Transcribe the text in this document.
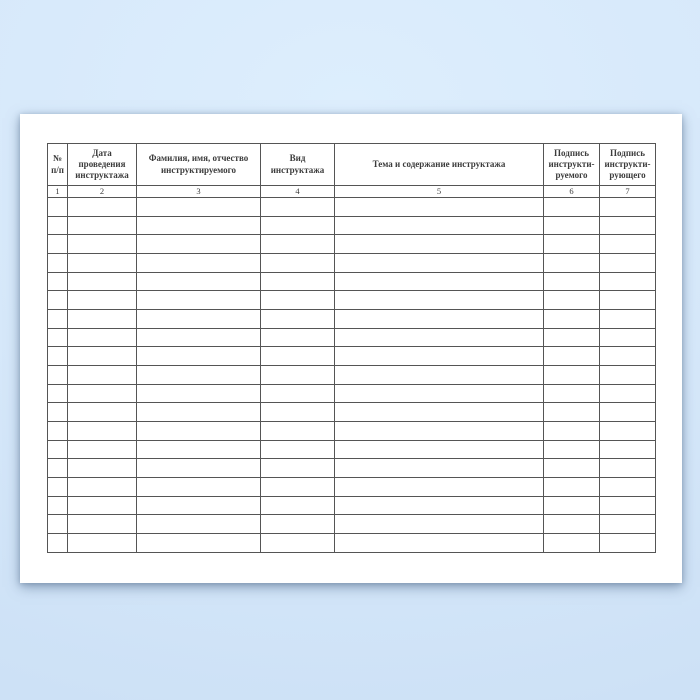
№ п/п	Дата проведения инструктажа	Фамилия, имя, отчество инструктируемого	Вид инструктажа	Тема и содержание инструктажа	Подпись инструкти-руемого	Подпись инструкти-рующего
1	2	3	4	5	6	7
